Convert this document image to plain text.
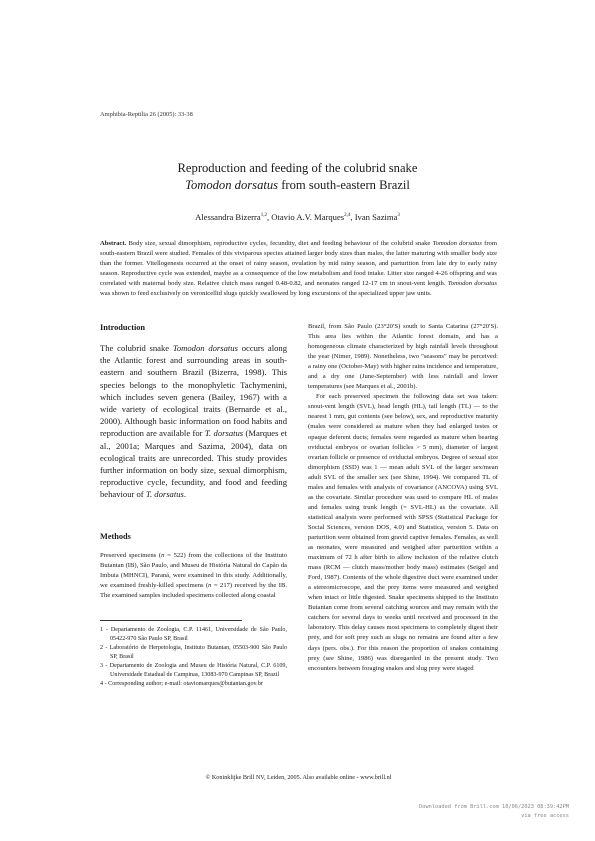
Amphibia-Reptilia 26 (2005): 33-38
Reproduction and feeding of the colubrid snake
Tomodon dorsatus from south-eastern Brazil
Alessandra Bizerra$^{1,2}$, Otavio A.V. Marques$^{2,4}$, Ivan Sazima$^3$
Abstract. Body size, sexual dimorphism, reproductive cycles, fecundity, diet and feeding behaviour of the colubrid snake Tomodon dorsatus from south-eastern Brazil were studied. Females of this viviparous species attained larger body sizes than males, the latter maturing with smaller body size than the former. Vitellogenesis occurred at the onset of rainy season, ovulation by mid rainy season, and parturition from late dry to early rainy season. Reproductive cycle was extended, maybe as a consequence of the low metabolism and food intake. Litter size ranged 4-26 offspring and was correlated with maternal body size. Relative clutch mass ranged 0.48-0.82, and neonates ranged 12-17 cm in snout-vent length. Tomodon dorsatus was shown to feed exclusively on veronicellid slugs quickly swallowed by long excursions of the specialized upper jaw units.
Introduction

The colubrid snake Tomodon dorsatus occurs along the Atlantic forest and surrounding areas in south-eastern and southern Brazil (Bizerra, 1998). This species belongs to the monophyletic Tachymenini, which includes seven genera (Bailey, 1967) with a wide variety of ecological traits (Bernarde et al., 2000). Although basic information on food habits and reproduction are available for T. dorsatus (Marques et al., 2001a; Marques and Sazima, 2004), data on ecological traits are unrecorded. This study provides further information on body size, sexual dimorphism, reproductive cycle, fecundity, and food and feeding behaviour of T. dorsatus.

Methods

Preserved specimens (n = 522) from the collections of the Instituto Butantan (IB), São Paulo, and Museu de História Natural do Capão da Imbuia (MHNCI), Paraná, were examined in this study. Additionally, we examined freshly-killed specimens (n = 217) received by the IB. The examined samples included specimens collected along coastal

1 - Departamento de Zoologia, C.P. 11461, Universidade de São Paulo, 05422-970 São Paulo SP, Brasil

2 - Laboratório de Herpetologia, Instituto Butantan, 05503-900 São Paulo SP, Brasil

3 - Departamento de Zoologia and Museu de História Natural, C.P. 6109, Universidade Estadual de Campinas, 13083-970 Campinas SP, Brazil

4 - Corresponding author; e-mail: otaviomarques@butantan.gov.br

Brazil, from São Paulo (23°20′S) south to Santa Catarina (27°20′S). This area lies within the Atlantic forest domain, and has a homogeneous climate characterized by high rainfall levels throughout the year (Nimer, 1989). Nonetheless, two "seasons" may be perceived: a rainy one (October-May) with higher rains incidence and temperature, and a dry one (June-September) with less rainfall and lower temperatures (see Marques et al., 2001b).

For each preserved specimen the following data set was taken: snout-vent length (SVL), head length (HL), tail length (TL) — to the nearest 1 mm, gut contents (see below), sex, and reproductive maturity (males were considered as mature when they had enlarged testes or opaque deferent ducts; females were regarded as mature when bearing oviductal embryos or ovarian follicles > 5 mm), diameter of largest ovarian follicle or presence of oviductal embryos. Degree of sexual size dimorphism (SSD) was 1 — mean adult SVL of the larger sex/mean adult SVL of the smaller sex (see Shine, 1994). We compared TL of males and females with analysis of covariance (ANCOVA) using SVL as the covariate. Similar procedure was used to compare HL of males and females using trunk length (= SVL-HL) as the covariate. All statistical analysis were performed with SPSS (Statistical Package for Social Sciences, version DOS, 4.0) and Statistica, version 5. Data on parturition were obtained from gravid captive females. Females, as well as neonates, were measured and weighed after parturition within a maximum of 72 h after birth to allow inclusion of the relative clutch mass (RCM — clutch mass/mother body mass) estimates (Seigel and Ford, 1987). Contents of the whole digestive duct were examined under a stereomicroscope, and the prey items were measured and weighed when intact or little digested. Snake specimens shipped to the Instituto Butantan come from several catching sources and may remain with the catchers for several days to weeks until received and processed in the laboratory. This delay causes most specimens to completely digest their prey, and for soft prey such as slugs no remains are found after a few days (pers. obs.). For this reason the proportion of snakes containing prey (see Shine, 1986) was disregarded in the present study. Two encounters between foraging snakes and slug prey were staged

© Koninklijke Brill NV, Leiden, 2005. Also available online - www.brill.nl
Downloaded from Brill.com 10/06/2023 08:39:42PM
via free access
